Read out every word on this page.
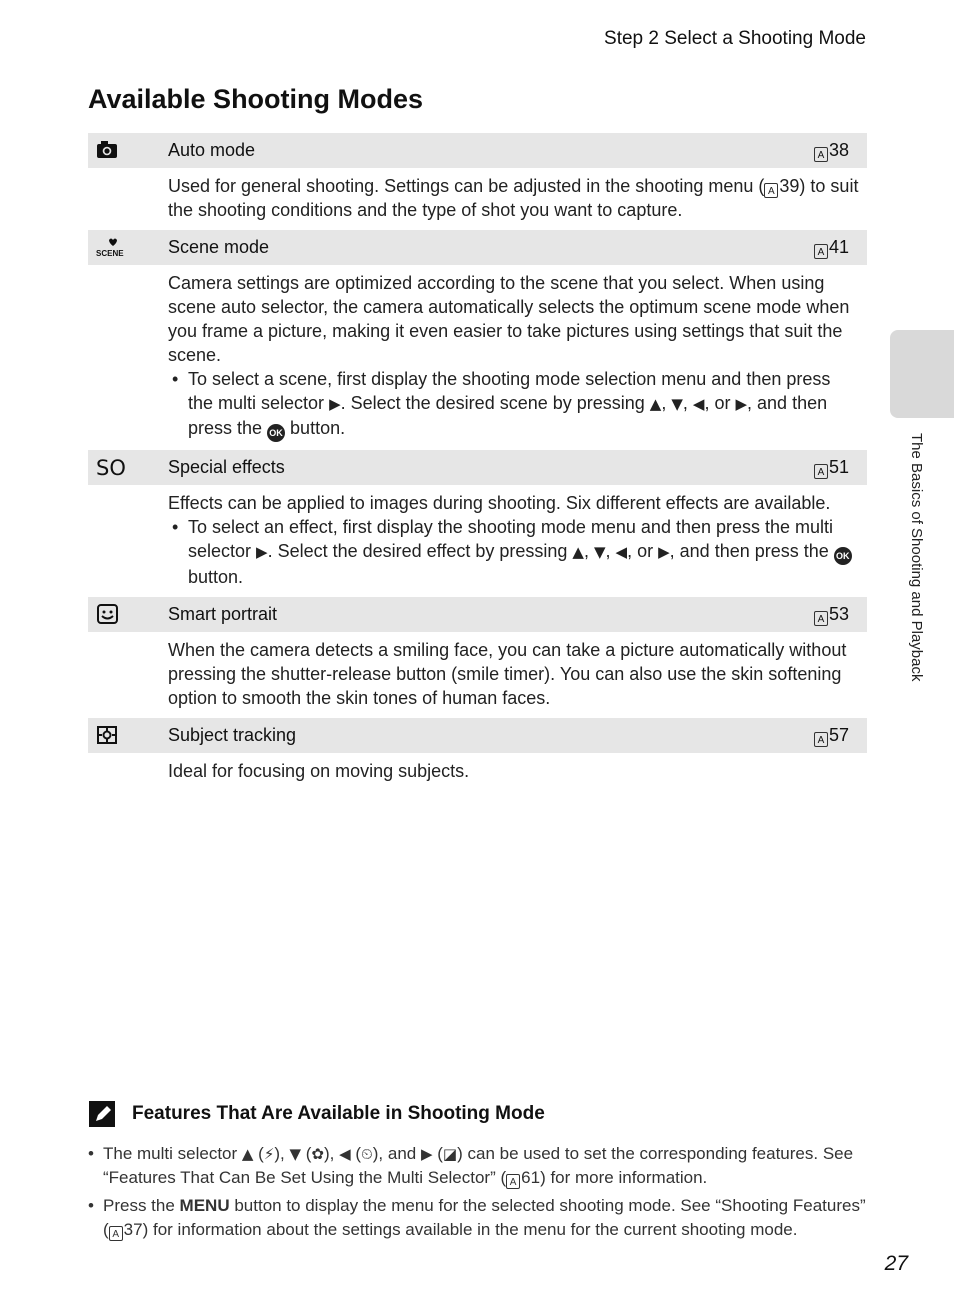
Step 2 Select a Shooting Mode
Available Shooting Modes
Auto mode	A 38
Used for general shooting. Settings can be adjusted in the shooting menu ( A 39) to suit the shooting conditions and the type of shot you want to capture.
SCENE Scene mode	A 41
Camera settings are optimized according to the scene that you select. When using scene auto selector, the camera automatically selects the optimum scene mode when you frame a picture, making it even easier to take pictures using settings that suit the scene.
• To select a scene, first display the shooting mode selection menu and then press the multi selector ▶. Select the desired scene by pressing ▲, ▼, ◀, or ▶, and then press the OK button.
SO Special effects	A 51
Effects can be applied to images during shooting. Six different effects are available.
• To select an effect, first display the shooting mode menu and then press the multi selector ▶. Select the desired effect by pressing ▲, ▼, ◀, or ▶, and then press the OK button.
Smart portrait	A 53
When the camera detects a smiling face, you can take a picture automatically without pressing the shutter-release button (smile timer). You can also use the skin softening option to smooth the skin tones of human faces.
Subject tracking	A 57
Ideal for focusing on moving subjects.
The Basics of Shooting and Playback
Features That Are Available in Shooting Mode
• The multi selector ▲ (⚡), ▼ (✿), ◀ (⏲), and ▶ (◪) can be used to set the corresponding features. See “Features That Can Be Set Using the Multi Selector” ( A 61) for more information.
• Press the MENU button to display the menu for the selected shooting mode. See “Shooting Features” ( A 37) for information about the settings available in the menu for the current shooting mode.
27
